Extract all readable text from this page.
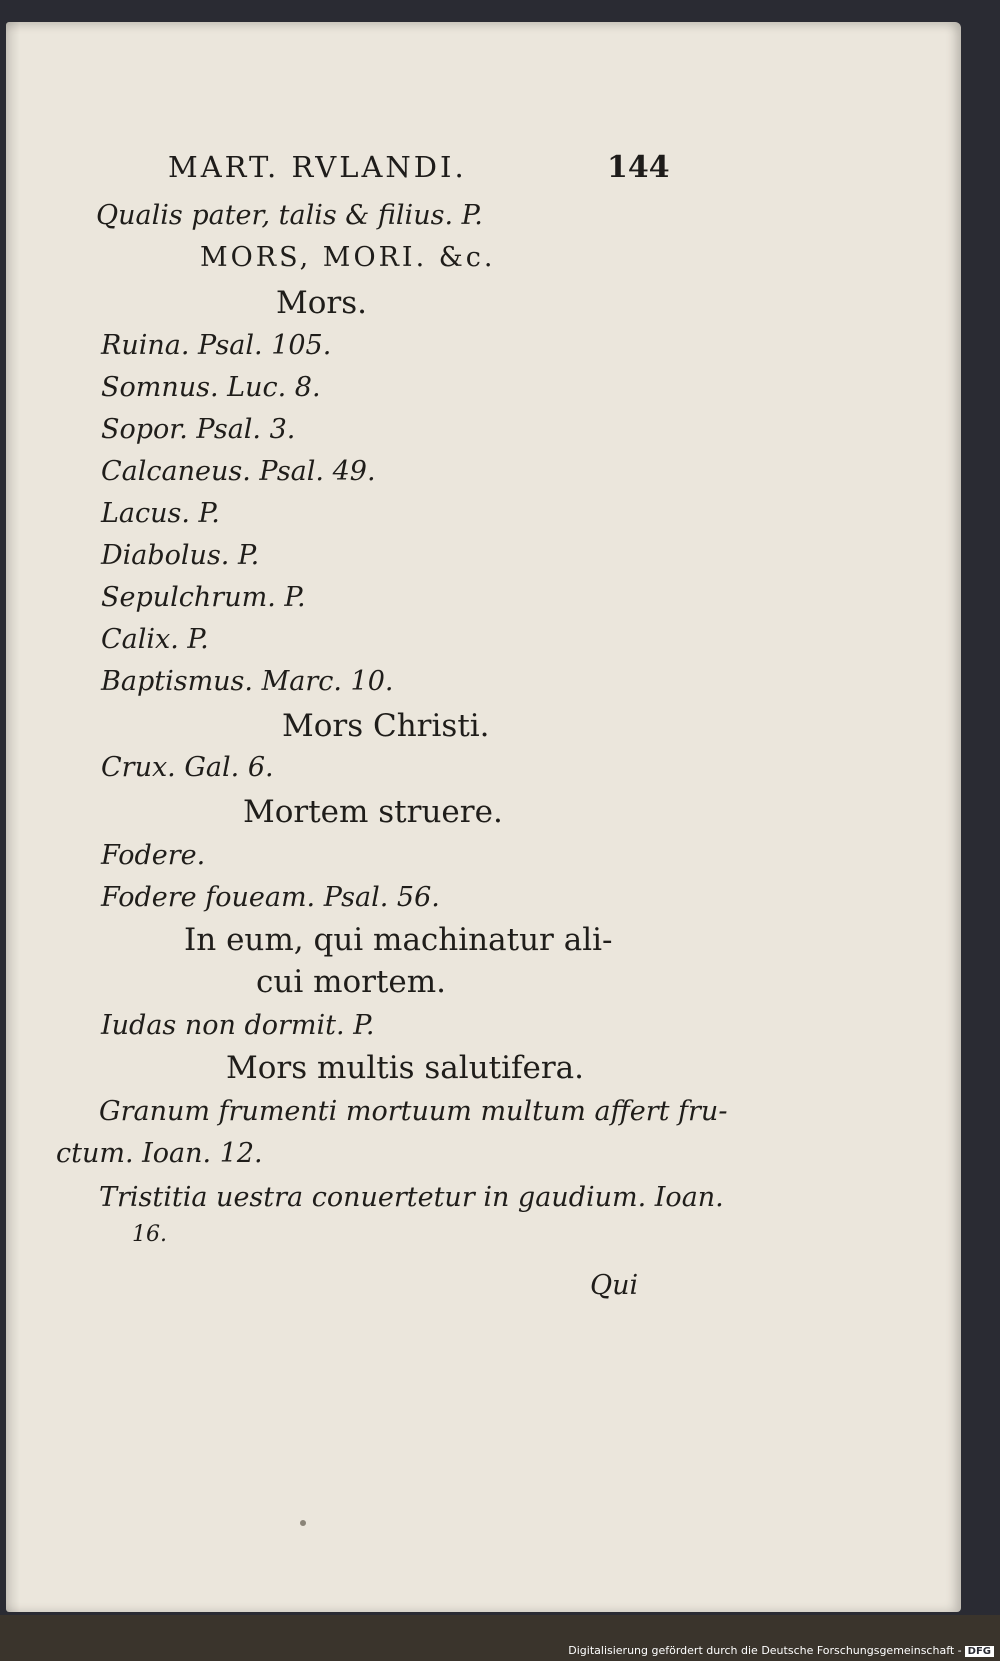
MART. RVLANDI.	144
Qualis pater, talis & filius. P.
MORS, MORI. &c.
Mors.
Ruina. Psal. 105.
Somnus. Luc. 8.
Sopor. Psal. 3.
Calcaneus. Psal. 49.
Lacus. P.
Diabolus. P.
Sepulchrum. P.
Calix. P.
Baptismus. Marc. 10.
Mors Christi.
Crux. Gal. 6.
Mortem struere.
Fodere.
Fodere foueam. Psal. 56.
In eum, qui machinatur ali-
cui mortem.
Iudas non dormit. P.
Mors multis salutifera.
Granum frumenti mortuum multum affert fru-
ctum. Ioan. 12.
Tristitia uestra conuertetur in gaudium. Ioan.
16.
Qui
Digitalisierung gefördert durch die Deutsche Forschungsgemeinschaft - DFG
